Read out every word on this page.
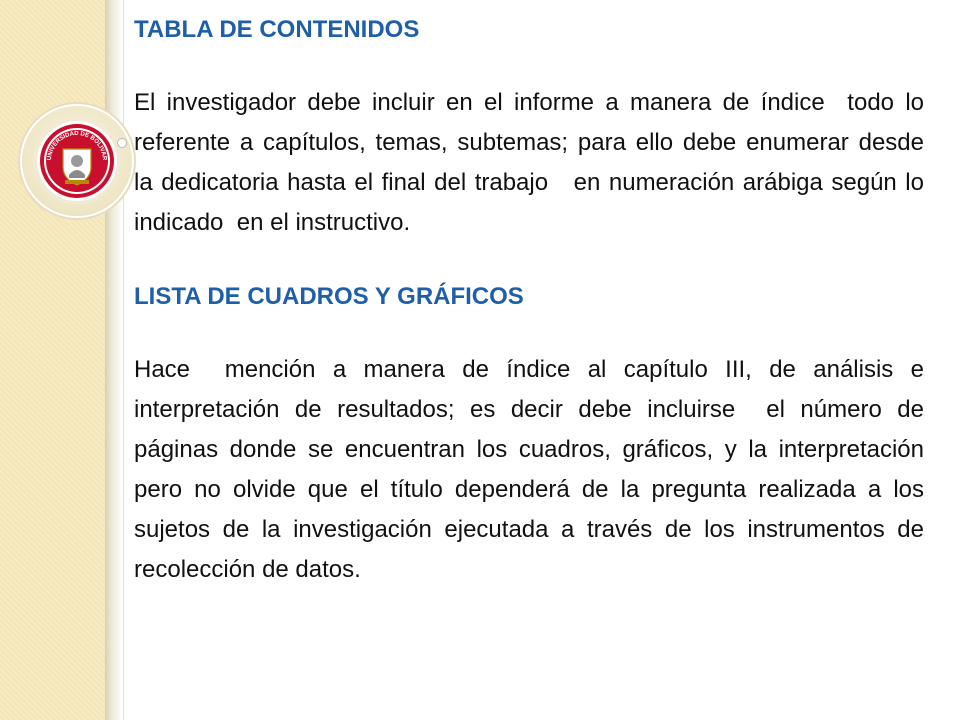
UNIVERSIDAD DE BOLIVAR
TABLA DE CONTENIDOS

El investigador debe incluir en el informe a manera de índice  todo lo referente a capítulos, temas, subtemas; para ello debe enumerar desde  la dedicatoria hasta el final del trabajo   en numeración arábiga según lo indicado  en el instructivo.

LISTA DE CUADROS Y GRÁFICOS

Hace  mención a manera de índice al capítulo III, de análisis e interpretación de resultados; es decir debe incluirse  el número de páginas donde se encuentran los cuadros, gráficos, y la interpretación pero no olvide que el título dependerá de la pregunta realizada a los sujetos de la investigación ejecutada a través de los instrumentos de recolección de datos.
